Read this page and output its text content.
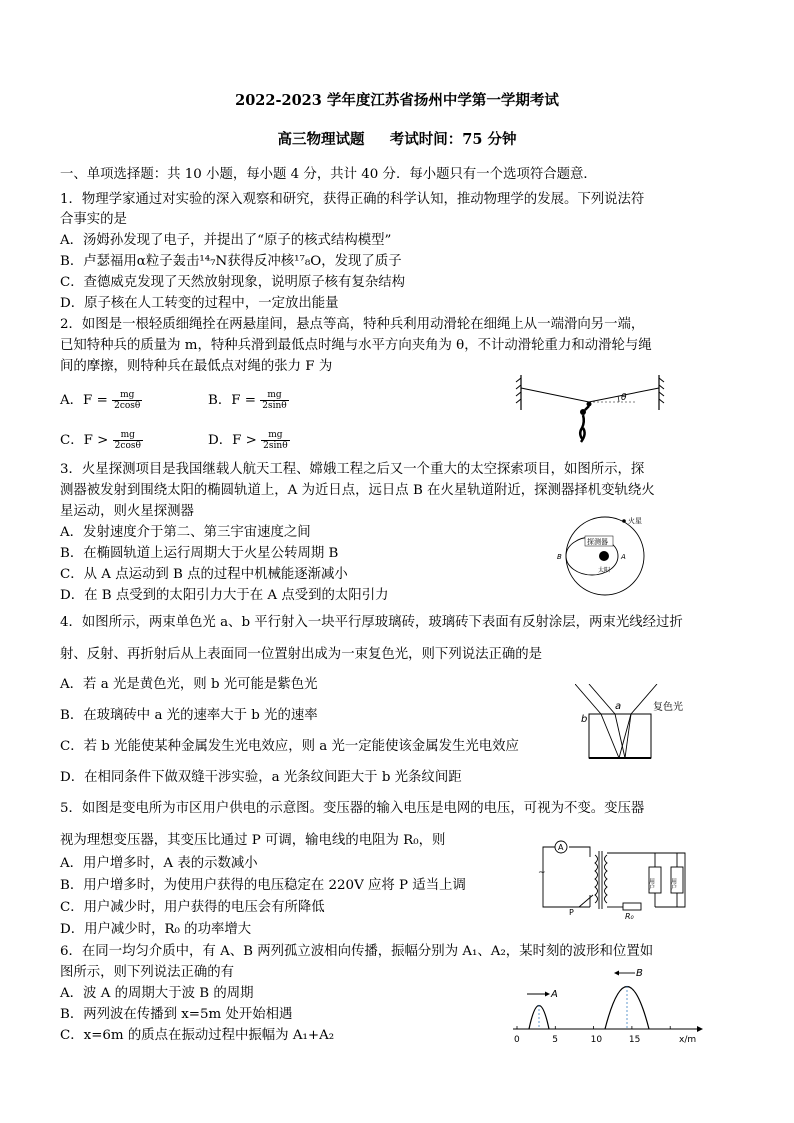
2022-2023 学年度江苏省扬州中学第一学期考试
高三物理试题     考试时间：75 分钟
一、单项选择题：共 10 小题，每小题 4 分，共计 40 分．每小题只有一个选项符合题意．
1．物理学家通过对实验的深入观察和研究，获得正确的科学认知，推动物理学的发展。下列说法符
合事实的是
A．汤姆孙发现了电子，并提出了“原子的核式结构模型”
B．卢瑟福用α粒子轰击¹⁴₇N获得反冲核¹⁷₈O，发现了质子
C．查德威克发现了天然放射现象，说明原子核有复杂结构
D．原子核在人工转变的过程中，一定放出能量
2．如图是一根轻质细绳拴在两悬崖间，悬点等高，特种兵利用动滑轮在细绳上从一端滑向另一端，
已知特种兵的质量为 m，特种兵滑到最低点时绳与水平方向夹角为 θ，不计动滑轮重力和动滑轮与绳
间的摩擦，则特种兵在最低点对绳的张力 F 为
A．$F = \frac{mg}{2\cos\theta}$	B．$F = \frac{mg}{2\sin\theta}$
C．$F > \frac{mg}{2\cos\theta}$	D．$F > \frac{mg}{2\sin\theta}$
θ
3．火星探测项目是我国继载人航天工程、嫦娥工程之后又一个重大的太空探索项目，如图所示，探
测器被发射到围绕太阳的椭圆轨道上，A 为近日点，远日点 B 在火星轨道附近，探测器择机变轨绕火
星运动，则火星探测器
A．发射速度介于第二、第三宇宙速度之间
B．在椭圆轨道上运行周期大于火星公转周期 B
C．从 A 点运动到 B 点的过程中机械能逐渐减小
D．在 B 点受到的太阳引力大于在 A 点受到的太阳引力
火星
探测器
太阳
A
B
4．如图所示，两束单色光 a、b 平行射入一块平行厚玻璃砖，玻璃砖下表面有反射涂层，两束光线经过折
射、反射、再折射后从上表面同一位置射出成为一束复色光，则下列说法正确的是
A．若 a 光是黄色光，则 b 光可能是紫色光
B．在玻璃砖中 a 光的速率大于 b 光的速率
C．若 b 光能使某种金属发生光电效应，则 a 光一定能使该金属发生光电效应
D．在相同条件下做双缝干涉实验，a 光条纹间距大于 b 光条纹间距
b
a	复色光
5．如图是变电所为市区用户供电的示意图。变压器的输入电压是电网的电压，可视为不变。变压器
视为理想变压器，其变压比通过 P 可调，输电线的电阻为 R₀，则
A．用户增多时，A 表的示数减小
B．用户增多时，为使用户获得的电压稳定在 220V 应将 P 适当上调
C．用户减少时，用户获得的电压会有所降低
D．用户减少时，R₀ 的功率增大
A
~
P	R₀
用户	用户
6．在同一均匀介质中，有 A、B 两列孤立波相向传播，振幅分别为 A₁、A₂，某时刻的波形和位置如
图所示，则下列说法正确的有
A．波 A 的周期大于波 B 的周期
B．两列波在传播到 x=5m 处开始相遇
C．x=6m 的质点在振动过程中振幅为 A₁+A₂
A
B
0	5	10	15	x/m
